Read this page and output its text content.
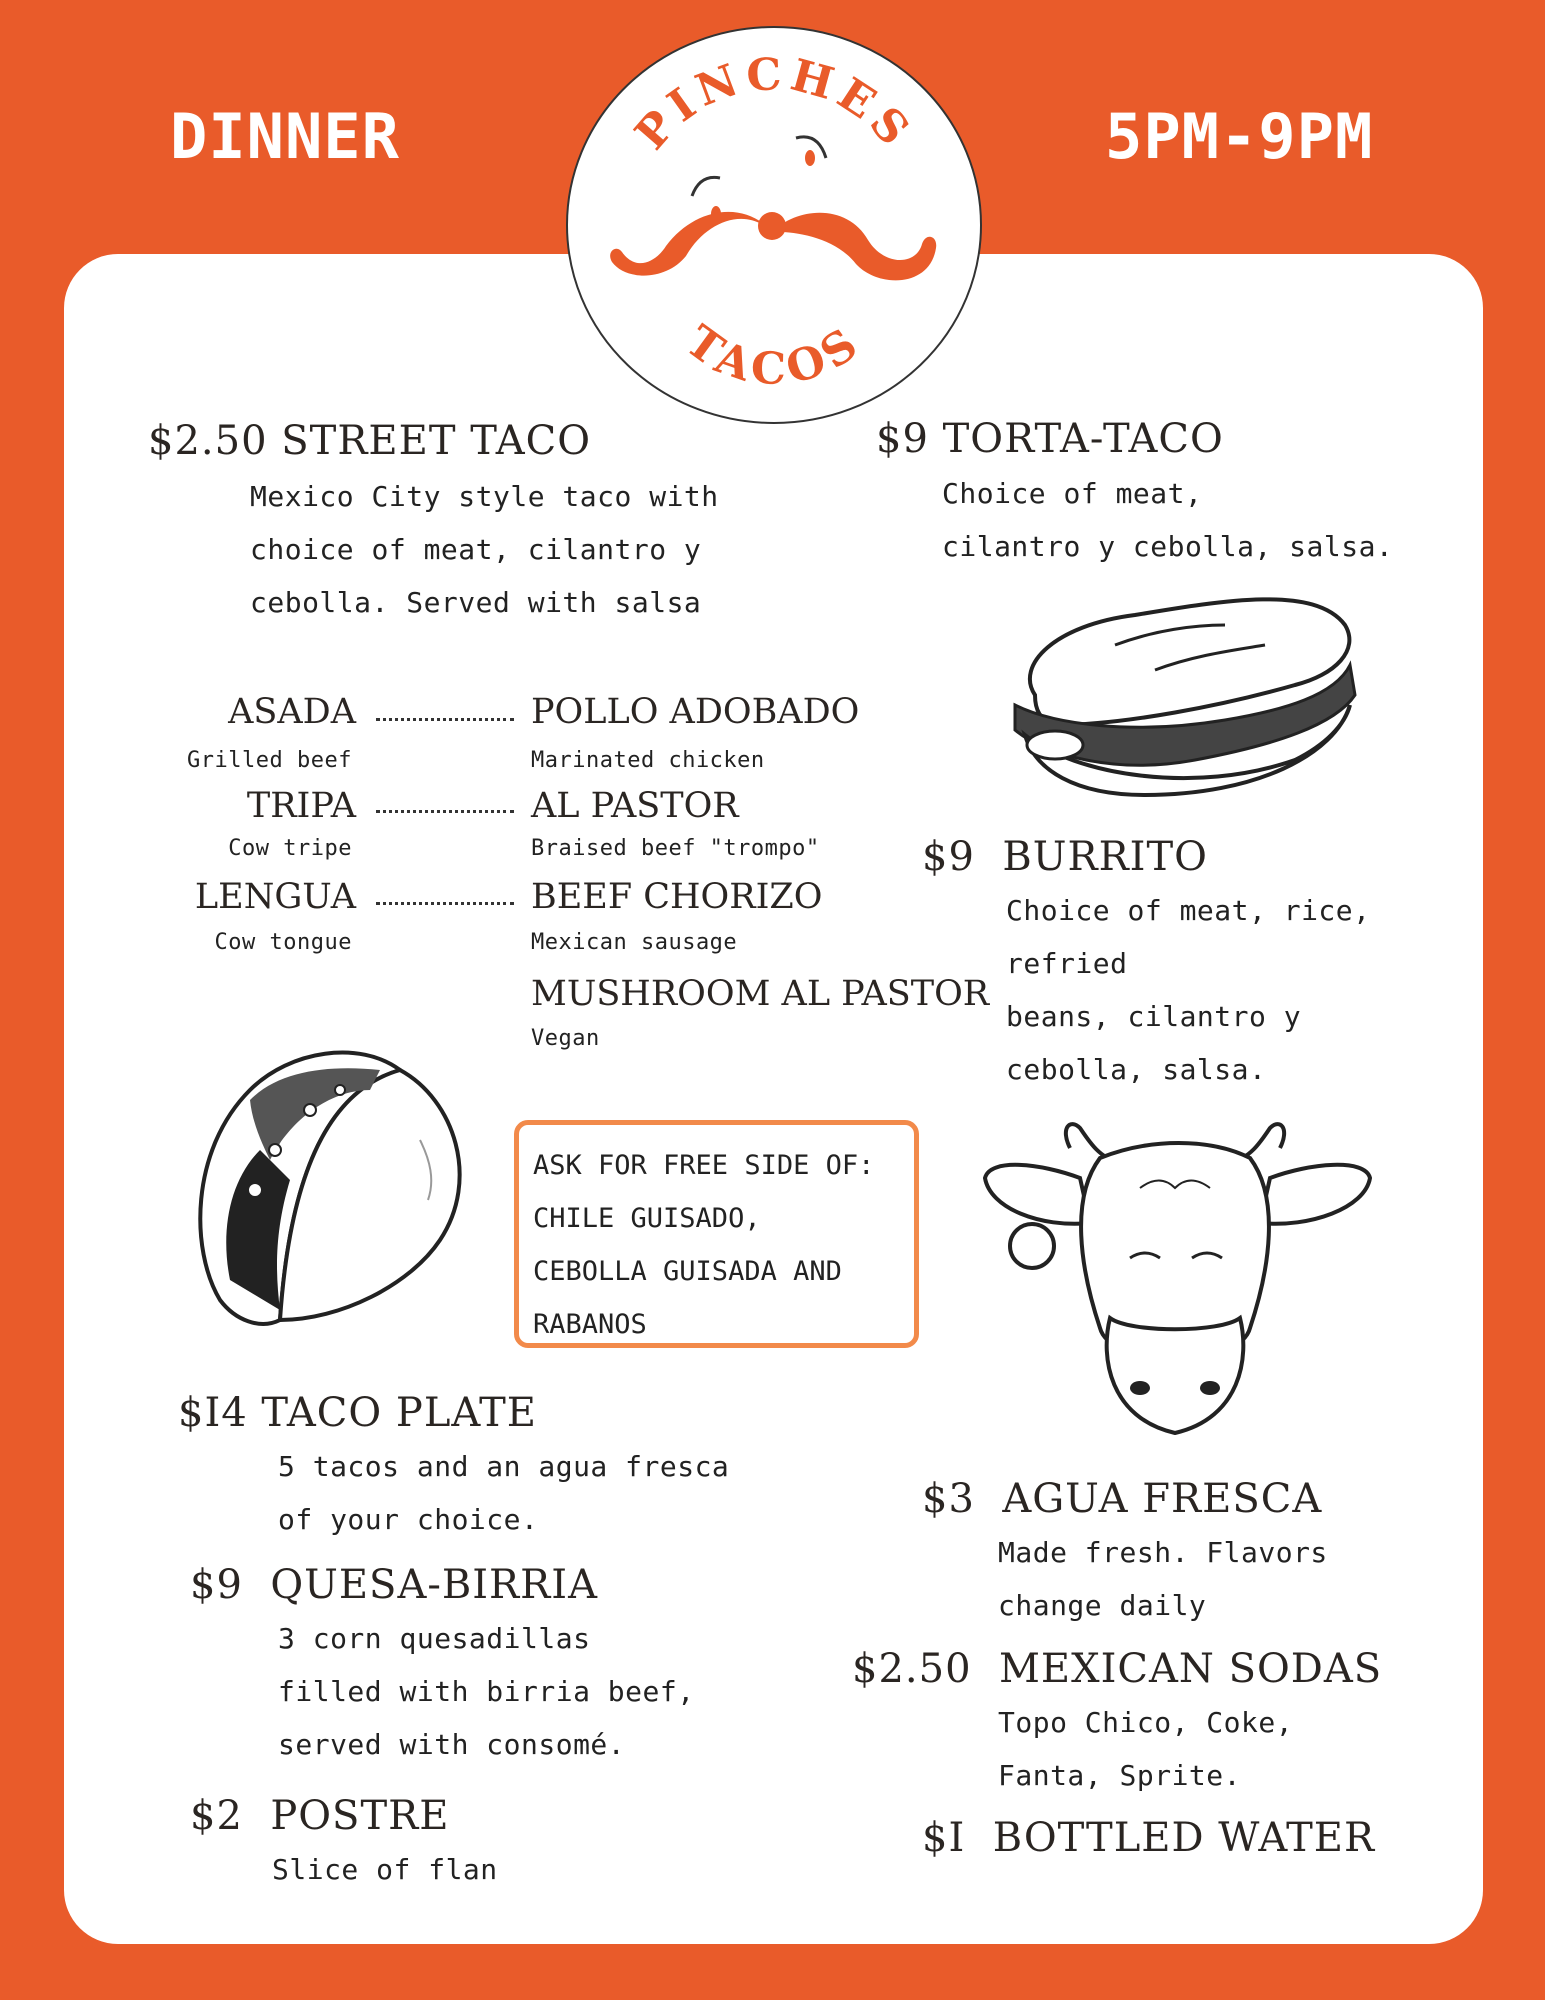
DINNER	5PM-9PM
PINCHES
TACOS
$2.50 STREET TACO
Mexico City style taco with
choice of meat, cilantro y
cebolla. Served with salsa
ASADA
Grilled beef
TRIPA
Cow tripe
LENGUA
Cow tongue
POLLO ADOBADO
Marinated chicken
AL PASTOR
Braised beef "trompo"
BEEF CHORIZO
Mexican sausage
MUSHROOM AL PASTOR
Vegan
ASK FOR FREE SIDE OF:
CHILE GUISADO,
CEBOLLA GUISADA AND
RABANOS
$I4 TACO PLATE
5 tacos and an agua fresca
of your choice.
$9 QUESA-BIRRIA
3 corn quesadillas
filled with birria beef,
served with consomé.
$2 POSTRE
Slice of flan
$9 TORTA-TACO
Choice of meat,
cilantro y cebolla, salsa.
$9 BURRITO
Choice of meat, rice,
refried
beans, cilantro y
cebolla, salsa.
$3 AGUA FRESCA
Made fresh. Flavors
change daily
$2.50 MEXICAN SODAS
Topo Chico, Coke,
Fanta, Sprite.
$I BOTTLED WATER
